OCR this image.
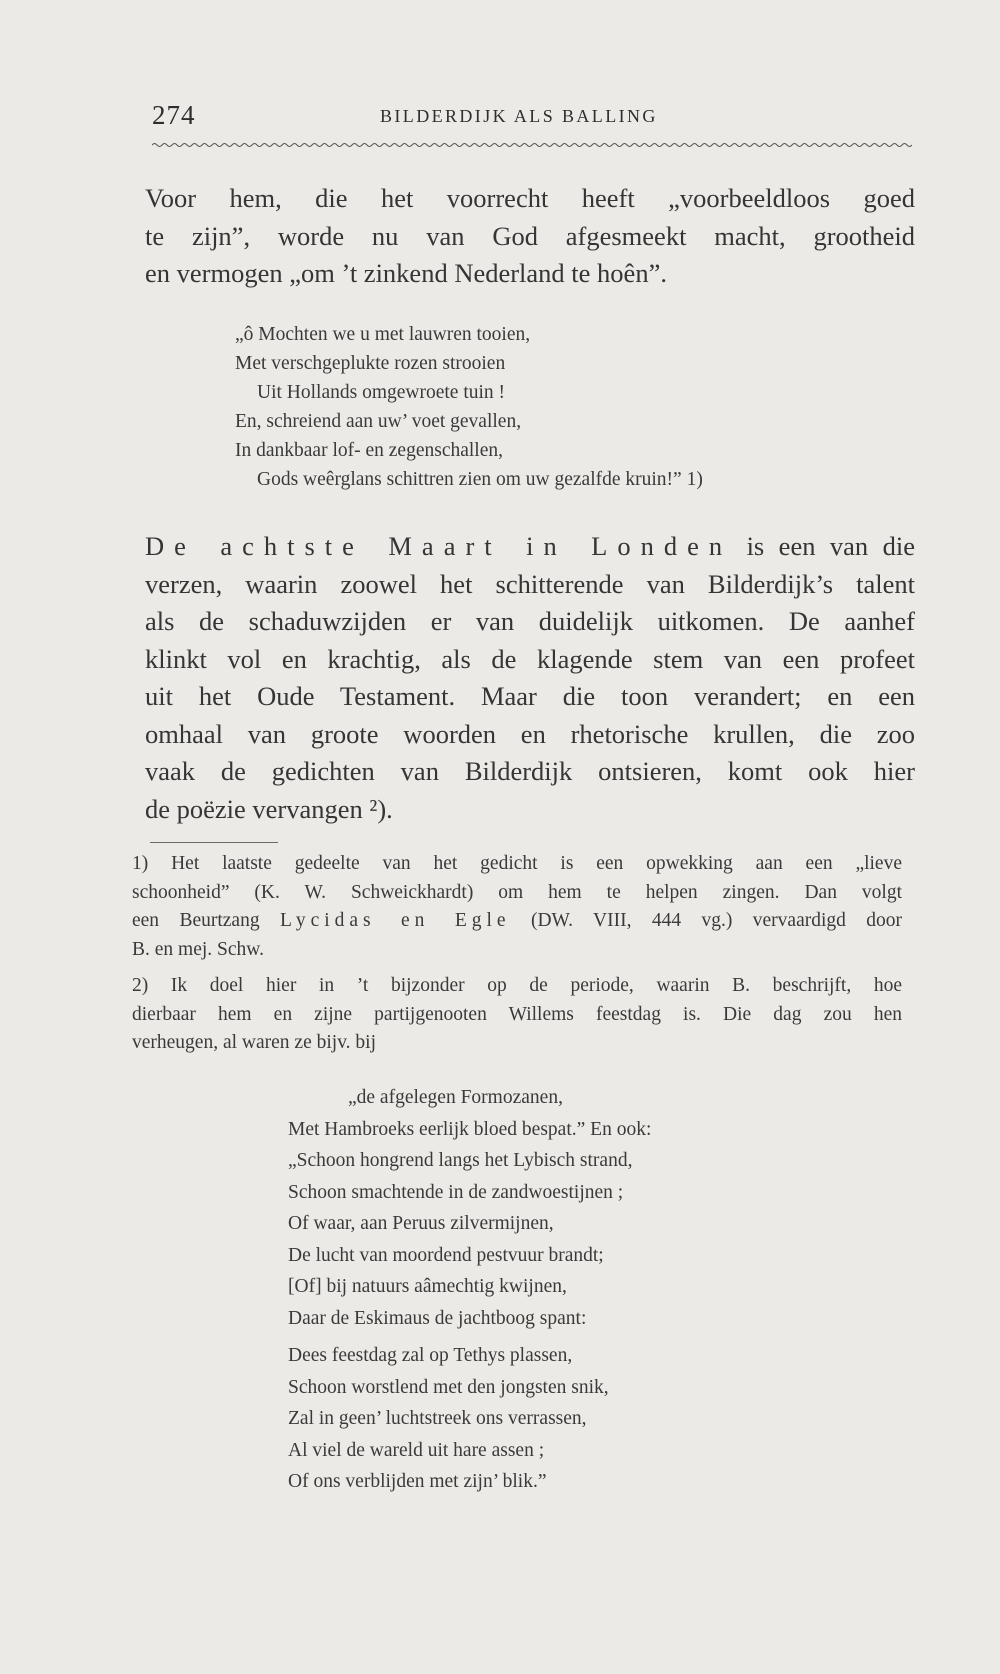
274	BILDERDIJK ALS BALLING
Voor hem, die het voorrecht heeft „voorbeeldloos goed
te zijn”, worde nu van God afgesmeekt macht, grootheid
en vermogen „om ’t zinkend Nederland te hoên”.
„ô Mochten we u met lauwren tooien,
Met verschgeplukte rozen strooien
Uit Hollands omgewroete tuin !
En, schreiend aan uw’ voet gevallen,
In dankbaar lof- en zegenschallen,
Gods weêrglans schittren zien om uw gezalfde kruin!” 1)
De achtste Maart in Londen is een van die
verzen, waarin zoowel het schitterende van Bilderdijk’s talent
als de schaduwzijden er van duidelijk uitkomen. De aanhef
klinkt vol en krachtig, als de klagende stem van een profeet
uit het Oude Testament. Maar die toon verandert; en een
omhaal van groote woorden en rhetorische krullen, die zoo
vaak de gedichten van Bilderdijk ontsieren, komt ook hier
de poëzie vervangen ²).
1) Het laatste gedeelte van het gedicht is een opwekking aan een „lieve
schoonheid” (K. W. Schweickhardt) om hem te helpen zingen. Dan volgt
een Beurtzang Lycidas en Egle (DW. VIII, 444 vg.) vervaardigd door
B. en mej. Schw.
2) Ik doel hier in ’t bijzonder op de periode, waarin B. beschrijft, hoe
dierbaar hem en zijne partijgenooten Willems feestdag is. Die dag zou hen
verheugen, al waren ze bijv. bij
„de afgelegen Formozanen,
Met Hambroeks eerlijk bloed bespat.” En ook:
„Schoon hongrend langs het Lybisch strand,
Schoon smachtende in de zandwoestijnen ;
Of waar, aan Peruus zilvermijnen,
De lucht van moordend pestvuur brandt;
[Of] bij natuurs aâmechtig kwijnen,
Daar de Eskimaus de jachtboog spant:
Dees feestdag zal op Tethys plassen,
Schoon worstlend met den jongsten snik,
Zal in geen’ luchtstreek ons verrassen,
Al viel de wareld uit hare assen ;
Of ons verblijden met zijn’ blik.”
